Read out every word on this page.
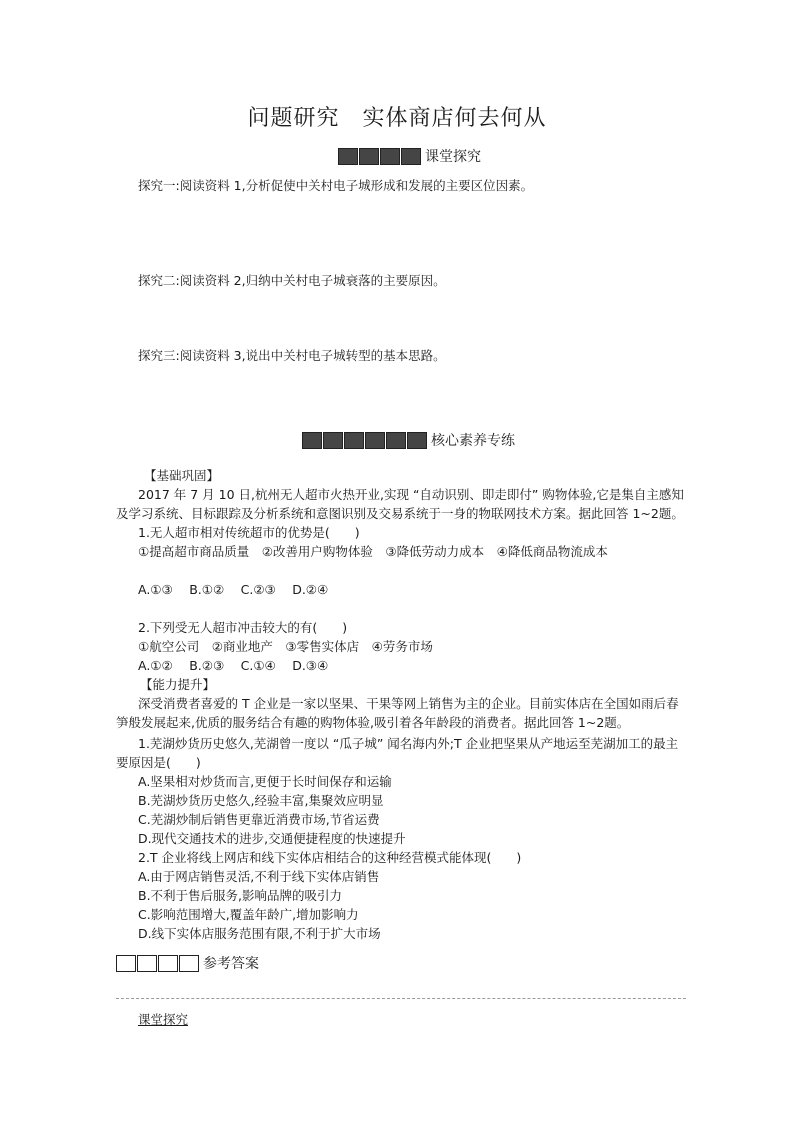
问题研究　实体商店何去何从
课堂探究
探究一:阅读资料 1,分析促使中关村电子城形成和发展的主要区位因素。
探究二:阅读资料 2,归纳中关村电子城衰落的主要原因。
探究三:阅读资料 3,说出中关村电子城转型的基本思路。
核心素养专练
【基础巩固】
2017 年 7 月 10 日,杭州无人超市火热开业,实现 “自动识别、即走即付” 购物体验,它是集自主感知
及学习系统、目标跟踪及分析系统和意图识别及交易系统于一身的物联网技术方案。据此回答 1~2题。
1.无人超市相对传统超市的优势是(　　)
①提高超市商品质量　②改善用户购物体验　③降低劳动力成本　④降低商品物流成本
A.①③　 B.①②　 C.②③　 D.②④
2.下列受无人超市冲击较大的有(　　)
①航空公司　②商业地产　③零售实体店　④劳务市场
A.①②　 B.②③　 C.①④　 D.③④
【能力提升】
深受消费者喜爱的 T 企业是一家以坚果、干果等网上销售为主的企业。目前实体店在全国如雨后春
笋般发展起来,优质的服务结合有趣的购物体验,吸引着各年龄段的消费者。据此回答 1~2题。
1.芜湖炒货历史悠久,芜湖曾一度以 “瓜子城” 闻名海内外;T 企业把坚果从产地运至芜湖加工的最主
要原因是(　　)
A.坚果相对炒货而言,更便于长时间保存和运输
B.芜湖炒货历史悠久,经验丰富,集聚效应明显
C.芜湖炒制后销售更靠近消费市场,节省运费
D.现代交通技术的进步,交通便捷程度的快速提升
2.T 企业将线上网店和线下实体店相结合的这种经营模式能体现(　　)
A.由于网店销售灵活,不利于线下实体店销售
B.不利于售后服务,影响品牌的吸引力
C.影响范围增大,覆盖年龄广,增加影响力
D.线下实体店服务范围有限,不利于扩大市场
参考答案
课堂探究
